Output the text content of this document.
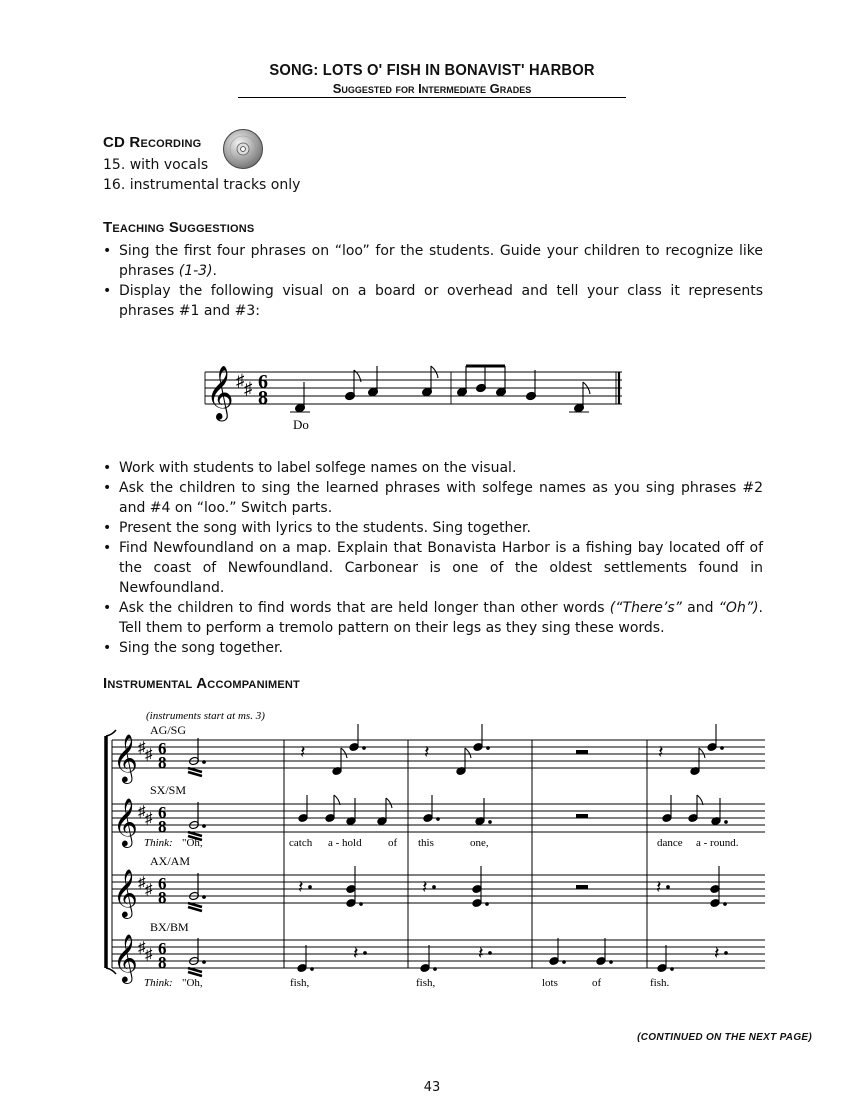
SONG: LOTS O' FISH IN BONAVIST' HARBOR
Suggested for Intermediate Grades
CD Recording
15. with vocals
16. instrumental tracks only
Teaching Suggestions
• Sing the first four phrases on “loo” for the students. Guide your children to recognize like phrases (1-3).
• Display the following visual on a board or overhead and tell your class it represents phrases #1 and #3:
𝄞 ♯ ♯ 6
8
Do
• Work with students to label solfege names on the visual.
• Ask the children to sing the learned phrases with solfege names as you sing phrases #2 and #4 on “loo.” Switch parts.
• Present the song with lyrics to the students. Sing together.
• Find Newfoundland on a map. Explain that Bonavista Harbor is a fishing bay located off of the coast of Newfoundland. Carbonear is one of the oldest settlements found in Newfoundland.
• Ask the children to find words that are held longer than other words (“There’s” and “Oh”). Tell them to perform a tremolo pattern on their legs as they sing these words.
• Sing the song together.
Instrumental Accompaniment
(instruments start at ms. 3)
AG/SG
SX/SM
AX/AM
BX/BM
𝄞
𝄞
𝄞
𝄞
♯ ♯
♯ ♯
♯ ♯
♯ ♯
6
8
6
8
6
8
6
8
𝄽	𝄽	𝄽
𝄽	𝄽	𝄽
𝄽	𝄽	𝄽
Think: "Oh,	catch a - hold of this	one,	dance a - round.
Think: "Oh,	fish,	fish,	lots	of	fish.
(CONTINUED ON THE NEXT PAGE)
43
